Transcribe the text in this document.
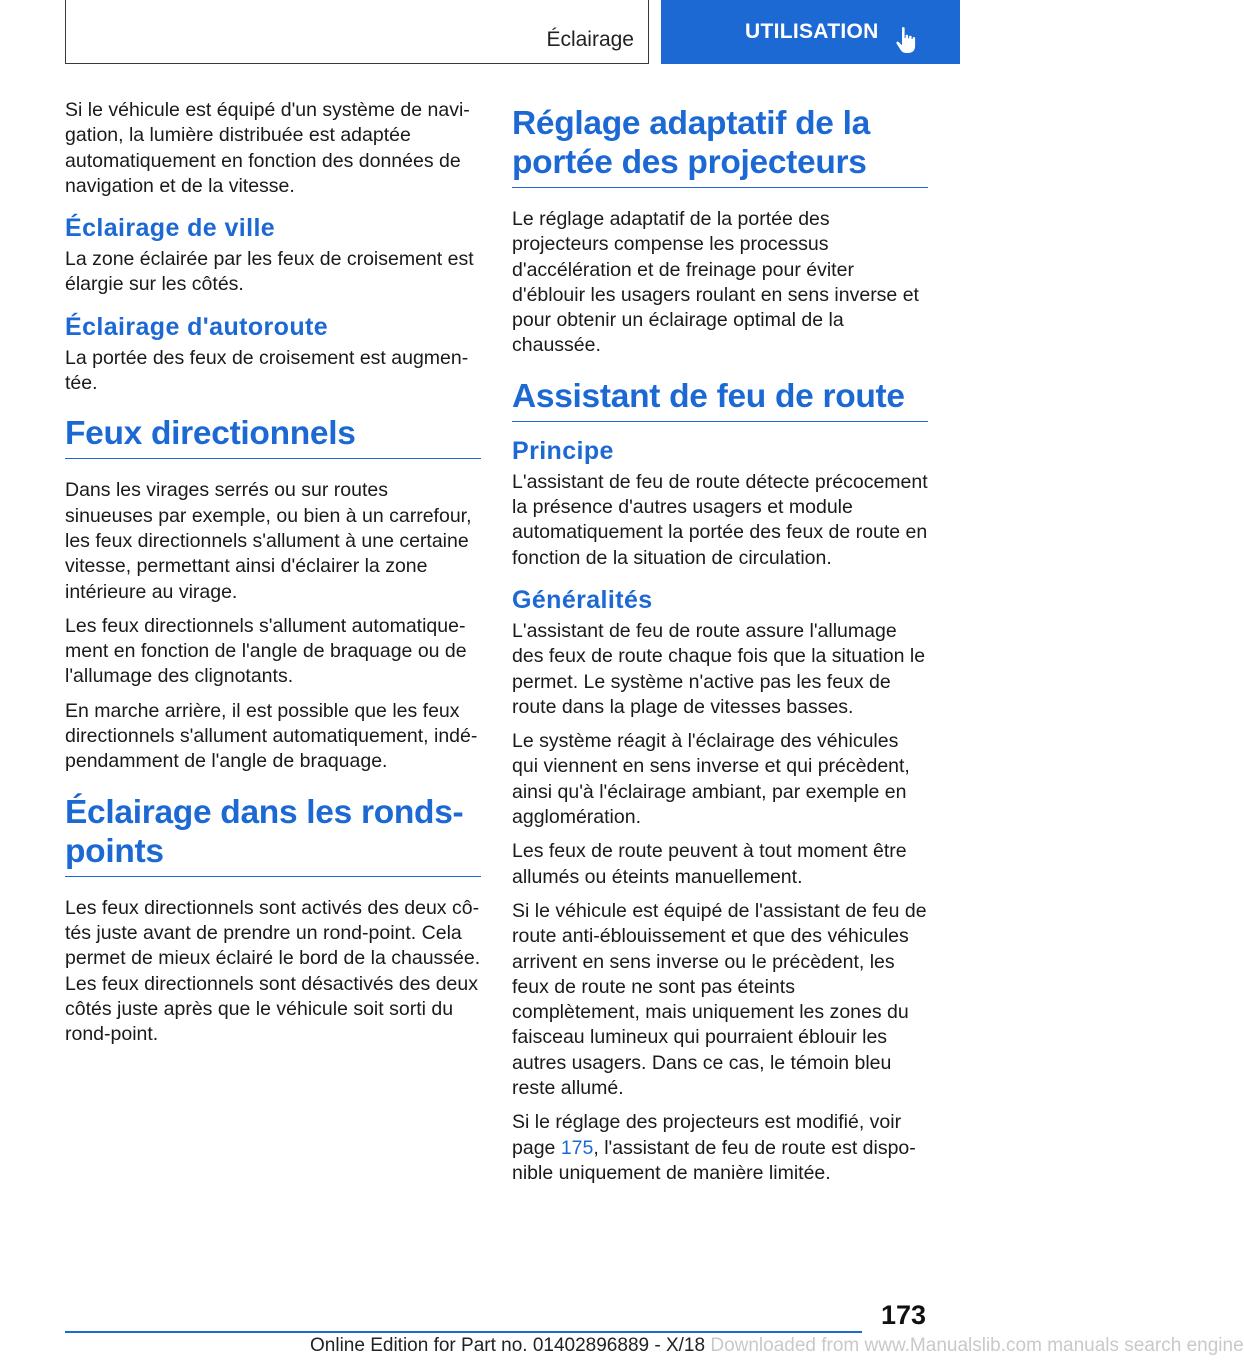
Éclairage	UTILISATION

Si le véhicule est équipé d'un système de navigation, la lumière distribuée est adaptée automatiquement en fonction des données de navigation et de la vitesse.

Éclairage de ville

La zone éclairée par les feux de croisement est élargie sur les côtés.

Éclairage d'autoroute

La portée des feux de croisement est augmentée.

Feux directionnels

Dans les virages serrés ou sur routes sinueuses par exemple, ou bien à un carrefour, les feux directionnels s'allument à une certaine vitesse, permettant ainsi d'éclairer la zone intérieure au virage.

Les feux directionnels s'allument automatiquement en fonction de l'angle de braquage ou de l'allumage des clignotants.

En marche arrière, il est possible que les feux directionnels s'allument automatiquement, indépendamment de l'angle de braquage.

Éclairage dans les ronds-points

Les feux directionnels sont activés des deux côtés juste avant de prendre un rond-point. Cela permet de mieux éclairé le bord de la chaussée. Les feux directionnels sont désactivés des deux côtés juste après que le véhicule soit sorti du rond-point.

Réglage adaptatif de la portée des projecteurs

Le réglage adaptatif de la portée des projecteurs compense les processus d'accélération et de freinage pour éviter d'éblouir les usagers roulant en sens inverse et pour obtenir un éclairage optimal de la chaussée.

Assistant de feu de route
Principe

L'assistant de feu de route détecte précocement la présence d'autres usagers et module automatiquement la portée des feux de route en fonction de la situation de circulation.

Généralités

L'assistant de feu de route assure l'allumage des feux de route chaque fois que la situation le permet. Le système n'active pas les feux de route dans la plage de vitesses basses.

Le système réagit à l'éclairage des véhicules qui viennent en sens inverse et qui précèdent, ainsi qu'à l'éclairage ambiant, par exemple en agglomération.

Les feux de route peuvent à tout moment être allumés ou éteints manuellement.

Si le véhicule est équipé de l'assistant de feu de route anti-éblouissement et que des véhicules arrivent en sens inverse ou le précèdent, les feux de route ne sont pas éteints complètement, mais uniquement les zones du faisceau lumineux qui pourraient éblouir les autres usagers. Dans ce cas, le témoin bleu reste allumé.

Si le réglage des projecteurs est modifié, voir page 175, l'assistant de feu de route est disponible uniquement de manière limitée.

173
Online Edition for Part no. 01402896889 - X/18 Downloaded from www.Manualslib.com manuals search engine
